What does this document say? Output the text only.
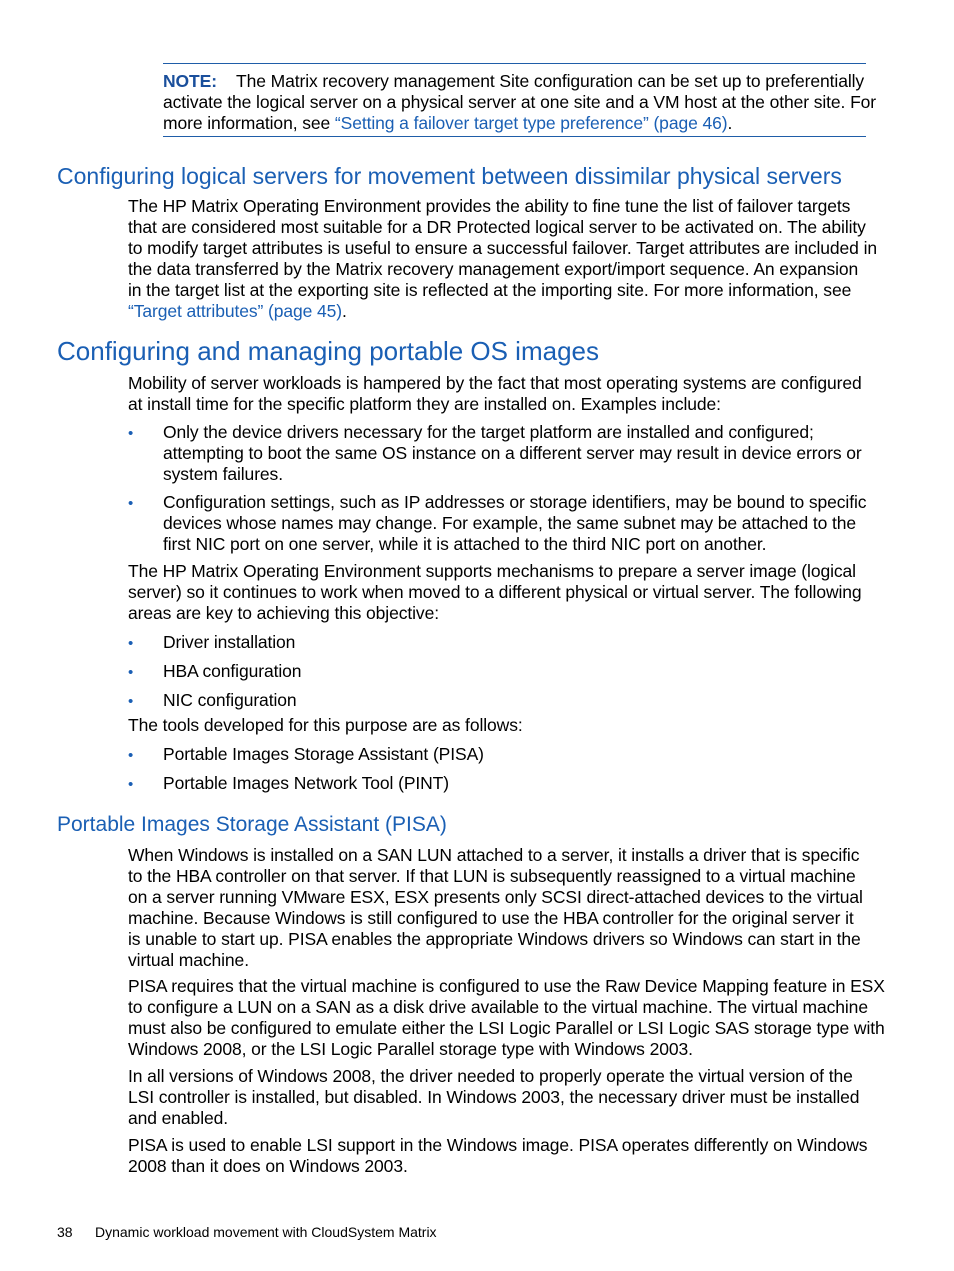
NOTE: The Matrix recovery management Site configuration can be set up to preferentially
activate the logical server on a physical server at one site and a VM host at the other site. For
more information, see “Setting a failover target type preference” (page 46).
Configuring logical servers for movement between dissimilar physical servers
The HP Matrix Operating Environment provides the ability to fine tune the list of failover targets
that are considered most suitable for a DR Protected logical server to be activated on. The ability
to modify target attributes is useful to ensure a successful failover. Target attributes are included in
the data transferred by the Matrix recovery management export/import sequence. An expansion
in the target list at the exporting site is reflected at the importing site. For more information, see
“Target attributes” (page 45).
Configuring and managing portable OS images
Mobility of server workloads is hampered by the fact that most operating systems are configured
at install time for the specific platform they are installed on. Examples include:
• Only the device drivers necessary for the target platform are installed and configured;
attempting to boot the same OS instance on a different server may result in device errors or
system failures.
• Configuration settings, such as IP addresses or storage identifiers, may be bound to specific
devices whose names may change. For example, the same subnet may be attached to the
first NIC port on one server, while it is attached to the third NIC port on another.
The HP Matrix Operating Environment supports mechanisms to prepare a server image (logical
server) so it continues to work when moved to a different physical or virtual server. The following
areas are key to achieving this objective:
• Driver installation
• HBA configuration
• NIC configuration
The tools developed for this purpose are as follows:
• Portable Images Storage Assistant (PISA)
• Portable Images Network Tool (PINT)
Portable Images Storage Assistant (PISA)
When Windows is installed on a SAN LUN attached to a server, it installs a driver that is specific
to the HBA controller on that server. If that LUN is subsequently reassigned to a virtual machine
on a server running VMware ESX, ESX presents only SCSI direct-attached devices to the virtual
machine. Because Windows is still configured to use the HBA controller for the original server it
is unable to start up. PISA enables the appropriate Windows drivers so Windows can start in the
virtual machine.
PISA requires that the virtual machine is configured to use the Raw Device Mapping feature in ESX
to configure a LUN on a SAN as a disk drive available to the virtual machine. The virtual machine
must also be configured to emulate either the LSI Logic Parallel or LSI Logic SAS storage type with
Windows 2008, or the LSI Logic Parallel storage type with Windows 2003.
In all versions of Windows 2008, the driver needed to properly operate the virtual version of the
LSI controller is installed, but disabled. In Windows 2003, the necessary driver must be installed
and enabled.
PISA is used to enable LSI support in the Windows image. PISA operates differently on Windows
2008 than it does on Windows 2003.
38 Dynamic workload movement with CloudSystem Matrix
